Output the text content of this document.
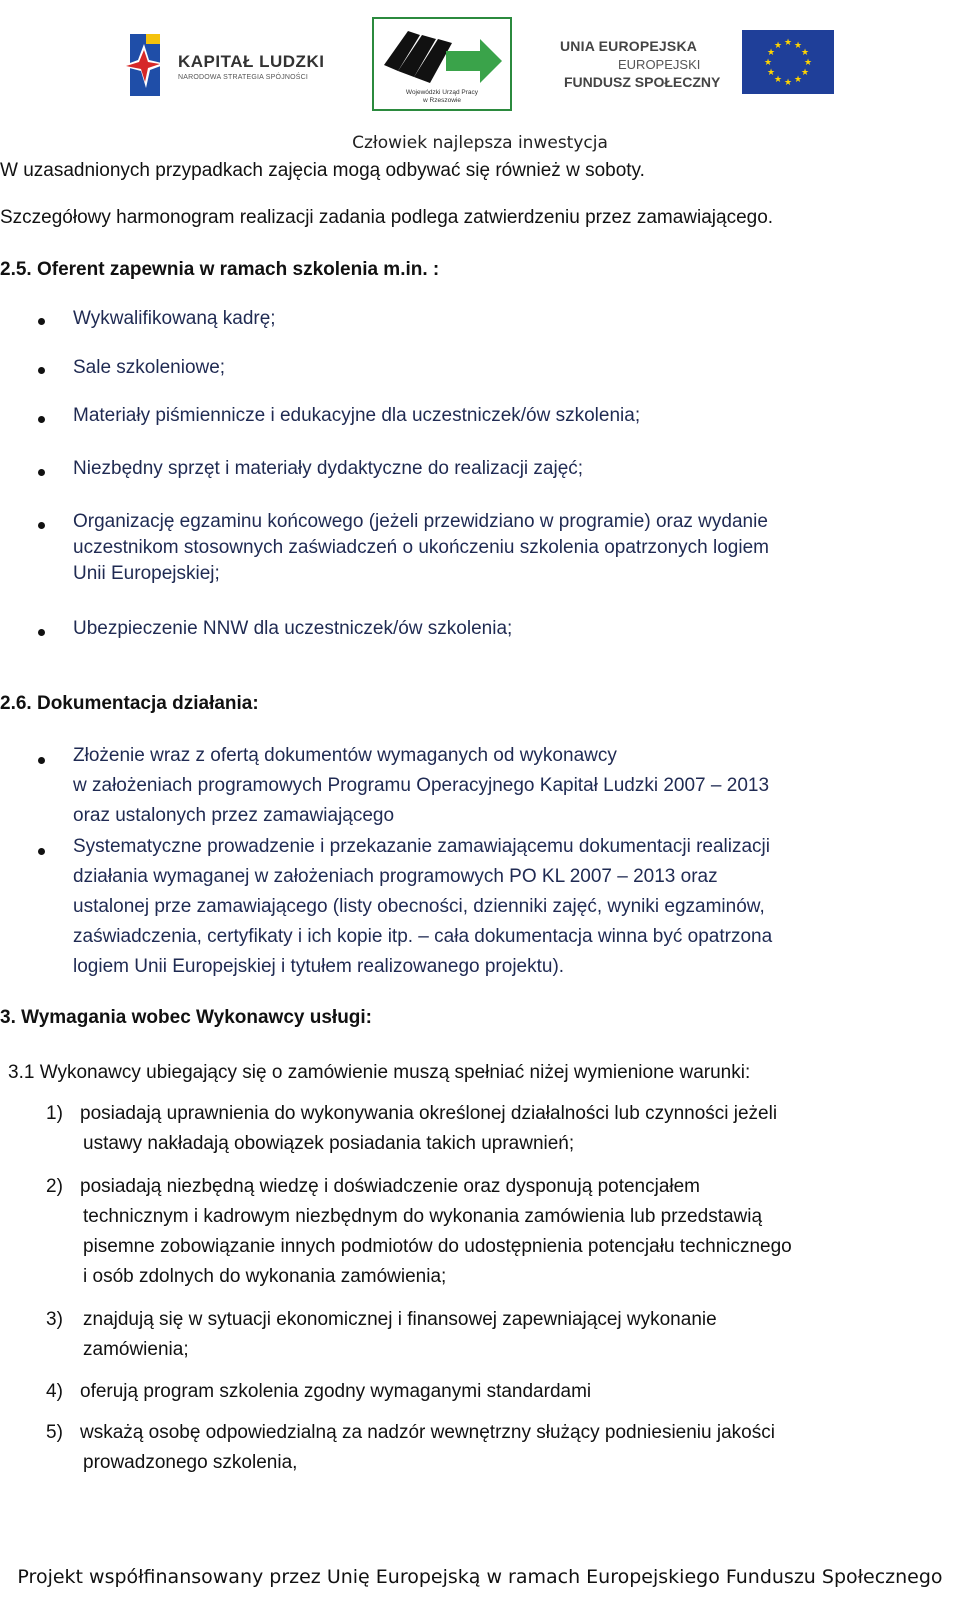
KAPITAŁ LUDZKI
NARODOWA STRATEGIA SPÓJNOŚCI
Wojewódzki Urząd Pracy
w Rzeszowie
UNIA EUROPEJSKA
EUROPEJSKI
FUNDUSZ SPOŁECZNY
★ ★
★
★
★
★
★
★
★
★
★
★
Człowiek najlepsza inwestycja
W uzasadnionych przypadkach zajęcia mogą odbywać się również w soboty.
Szczegółowy harmonogram realizacji zadania podlega zatwierdzeniu przez zamawiającego.
2.5. Oferent zapewnia w ramach szkolenia m.in. :
Wykwalifikowaną kadrę;
Sale szkoleniowe;
Materiały piśmiennicze i edukacyjne dla uczestniczek/ów szkolenia;
Niezbędny sprzęt i materiały dydaktyczne do realizacji zajęć;
Organizację egzaminu końcowego (jeżeli przewidziano w programie) oraz wydanie
uczestnikom stosownych zaświadczeń o ukończeniu szkolenia opatrzonych logiem
Unii Europejskiej;
Ubezpieczenie NNW dla uczestniczek/ów szkolenia;
2.6. Dokumentacja działania:
Złożenie wraz z ofertą dokumentów wymaganych od wykonawcy
w założeniach programowych Programu Operacyjnego Kapitał Ludzki 2007 – 2013
oraz ustalonych przez zamawiającego
Systematyczne prowadzenie i przekazanie zamawiającemu dokumentacji realizacji
działania wymaganej w założeniach programowych PO KL 2007 – 2013 oraz
ustalonej prze zamawiającego (listy obecności, dzienniki zajęć, wyniki egzaminów,
zaświadczenia, certyfikaty i ich kopie itp. – cała dokumentacja winna być opatrzona
logiem Unii Europejskiej i tytułem realizowanego projektu).
3. Wymagania wobec Wykonawcy usługi:
3.1 Wykonawcy ubiegający się o zamówienie muszą spełniać niżej wymienione warunki:
1) posiadają uprawnienia do wykonywania określonej działalności lub czynności jeżeli
ustawy nakładają obowiązek posiadania takich uprawnień;
2) posiadają niezbędną wiedzę i doświadczenie oraz dysponują potencjałem
technicznym i kadrowym niezbędnym do wykonania zamówienia lub przedstawią
pisemne zobowiązanie innych podmiotów do udostępnienia potencjału technicznego
i osób zdolnych do wykonania zamówienia;
3) znajdują się w sytuacji ekonomicznej i finansowej zapewniającej wykonanie
zamówienia;
4) oferują program szkolenia zgodny wymaganymi standardami
5) wskażą osobę odpowiedzialną za nadzór wewnętrzny służący podniesieniu jakości
prowadzonego szkolenia,
Projekt współfinansowany przez Unię Europejską w ramach Europejskiego Funduszu Społecznego
